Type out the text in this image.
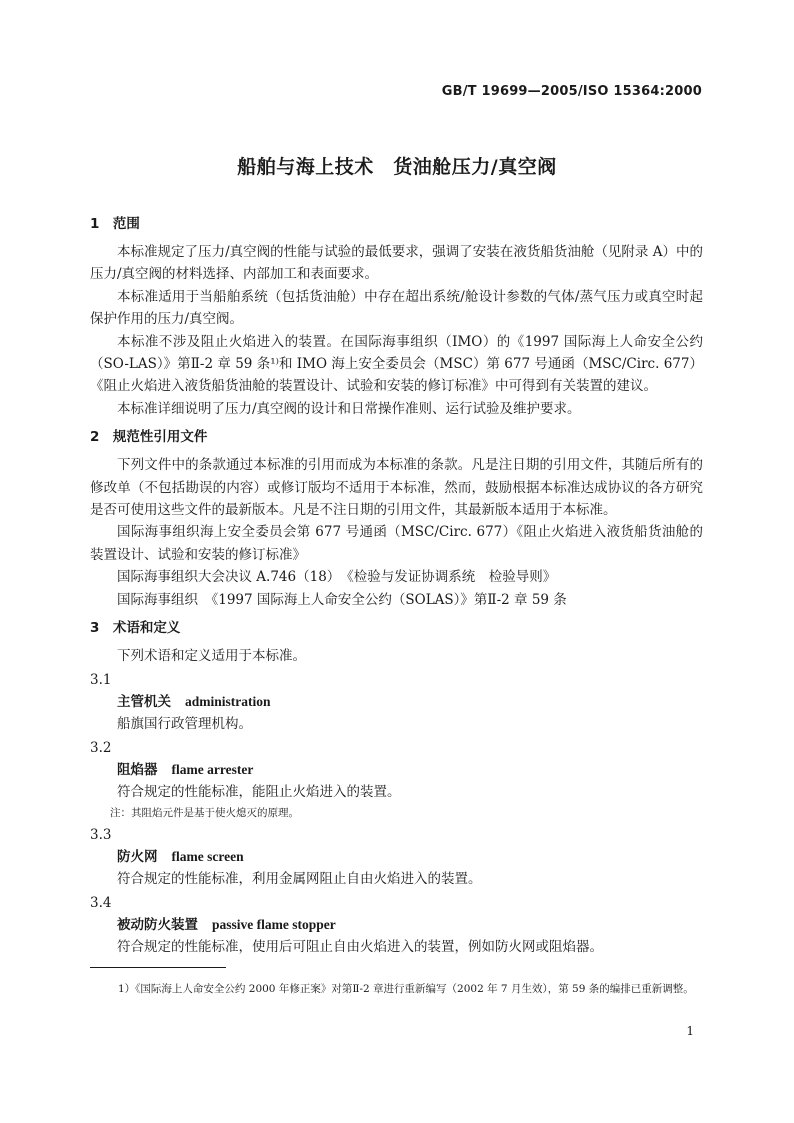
GB/T 19699—2005/ISO 15364:2000
船舶与海上技术　货油舱压力/真空阀
1　范围

本标准规定了压力/真空阀的性能与试验的最低要求，强调了安装在液货船货油舱（见附录 A）中的压力/真空阀的材料选择、内部加工和表面要求。

本标准适用于当船舶系统（包括货油舱）中存在超出系统/舱设计参数的气体/蒸气压力或真空时起保护作用的压力/真空阀。

本标准不涉及阻止火焰进入的装置。在国际海事组织（IMO）的《1997 国际海上人命安全公约（SO-LAS）》第Ⅱ-2 章 59 条¹⁾和 IMO 海上安全委员会（MSC）第 677 号通函（MSC/Circ. 677）《阻止火焰进入液货船货油舱的装置设计、试验和安装的修订标准》中可得到有关装置的建议。

本标准详细说明了压力/真空阀的设计和日常操作准则、运行试验及维护要求。

2　规范性引用文件

下列文件中的条款通过本标准的引用而成为本标准的条款。凡是注日期的引用文件，其随后所有的修改单（不包括勘误的内容）或修订版均不适用于本标准，然而，鼓励根据本标准达成协议的各方研究是否可使用这些文件的最新版本。凡是不注日期的引用文件，其最新版本适用于本标准。

国际海事组织海上安全委员会第 677 号通函（MSC/Circ. 677）《阻止火焰进入液货船货油舱的装置设计、试验和安装的修订标准》

国际海事组织大会决议 A.746（18）　《检验与发证协调系统　检验导则》

国际海事组织　《1997 国际海上人命安全公约（SOLAS）》第Ⅱ-2 章 59 条

3　术语和定义

下列术语和定义适用于本标准。

3.1
主管机关 administration
船旗国行政管理机构。
3.2
阻焰器 flame arrester
符合规定的性能标准，能阻止火焰进入的装置。
注：其阻焰元件是基于使火熄灭的原理。
3.3
防火网 flame screen
符合规定的性能标准，利用金属网阻止自由火焰进入的装置。
3.4
被动防火装置 passive flame stopper
符合规定的性能标准，使用后可阻止自由火焰进入的装置，例如防火网或阻焰器。
1）《国际海上人命安全公约 2000 年修正案》对第Ⅱ-2 章进行重新编写（2002 年 7 月生效），第 59 条的编排已重新调整。
1
